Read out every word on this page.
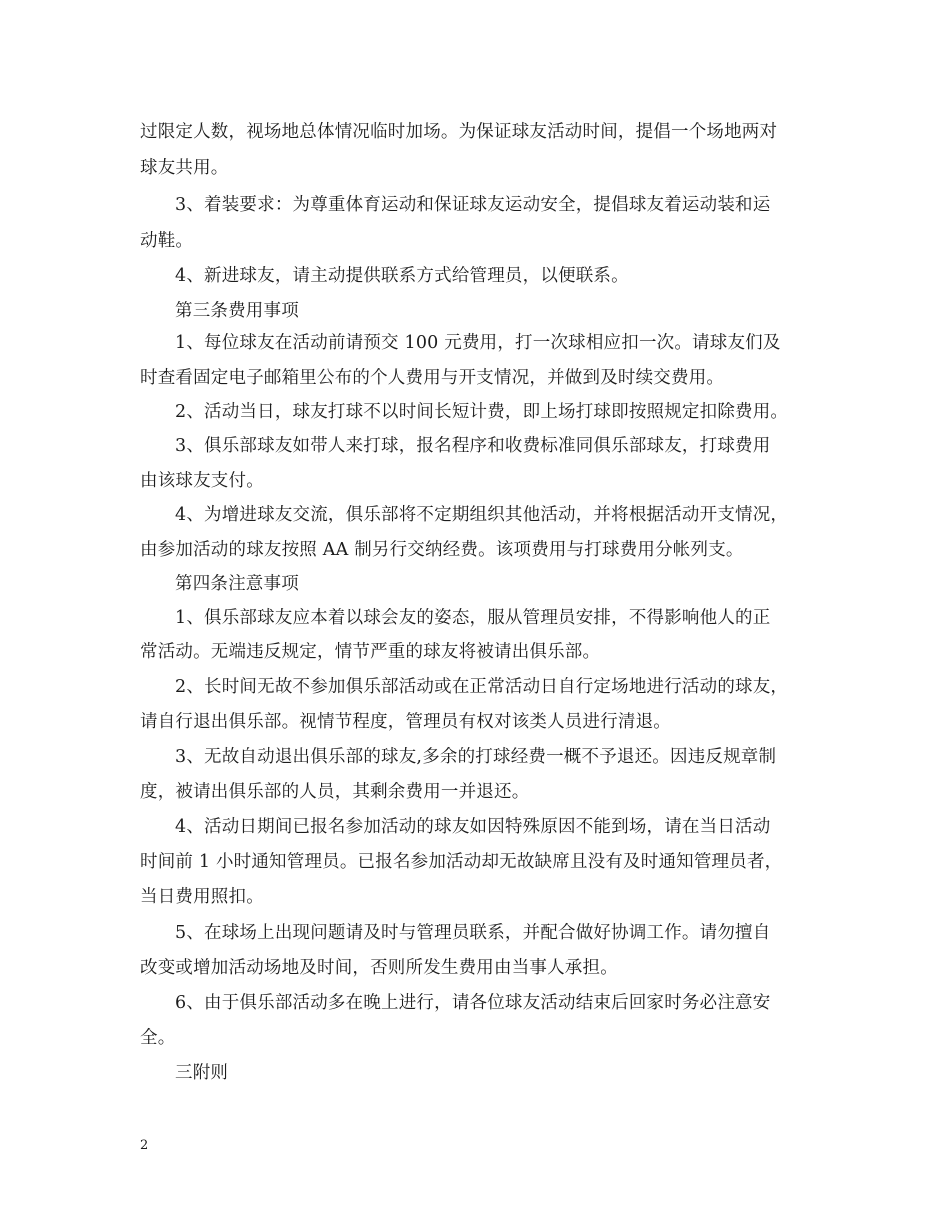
过限定人数，视场地总体情况临时加场。为保证球友活动时间，提倡一个场地两对
球友共用。
3、着装要求：为尊重体育运动和保证球友运动安全，提倡球友着运动装和运
动鞋。
4、新进球友，请主动提供联系方式给管理员，以便联系。
第三条费用事项
1、每位球友在活动前请预交 100 元费用，打一次球相应扣一次。请球友们及
时查看固定电子邮箱里公布的个人费用与开支情况，并做到及时续交费用。
2、活动当日，球友打球不以时间长短计费，即上场打球即按照规定扣除费用。
3、俱乐部球友如带人来打球，报名程序和收费标准同俱乐部球友，打球费用
由该球友支付。
4、为增进球友交流，俱乐部将不定期组织其他活动，并将根据活动开支情况，
由参加活动的球友按照 AA 制另行交纳经费。该项费用与打球费用分帐列支。
第四条注意事项
1、俱乐部球友应本着以球会友的姿态，服从管理员安排，不得影响他人的正
常活动。无端违反规定，情节严重的球友将被请出俱乐部。
2、长时间无故不参加俱乐部活动或在正常活动日自行定场地进行活动的球友，
请自行退出俱乐部。视情节程度，管理员有权对该类人员进行清退。
3、无故自动退出俱乐部的球友,多余的打球经费一概不予退还。因违反规章制
度，被请出俱乐部的人员，其剩余费用一并退还。
4、活动日期间已报名参加活动的球友如因特殊原因不能到场，请在当日活动
时间前 1 小时通知管理员。已报名参加活动却无故缺席且没有及时通知管理员者，
当日费用照扣。
5、在球场上出现问题请及时与管理员联系，并配合做好协调工作。请勿擅自
改变或增加活动场地及时间，否则所发生费用由当事人承担。
6、由于俱乐部活动多在晚上进行，请各位球友活动结束后回家时务必注意安
全。
三附则
2
